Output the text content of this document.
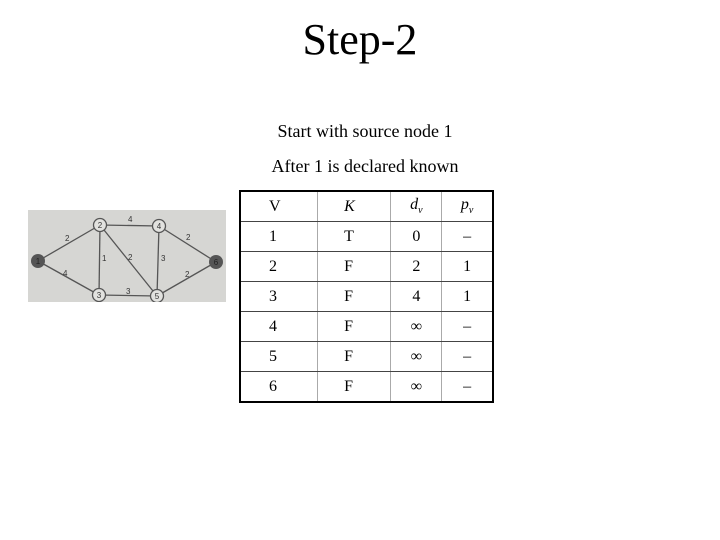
Step-2
Start with source node 1
After 1 is declared known
2
4
4
1	2	3
2
3
2
1
2
3
4
5
6
V	K	$d_v$	$p_v$
1	T	0	–
2	F	2	1
3	F	4	1
4	F	∞	–
5	F	∞	–
6	F	∞	–
